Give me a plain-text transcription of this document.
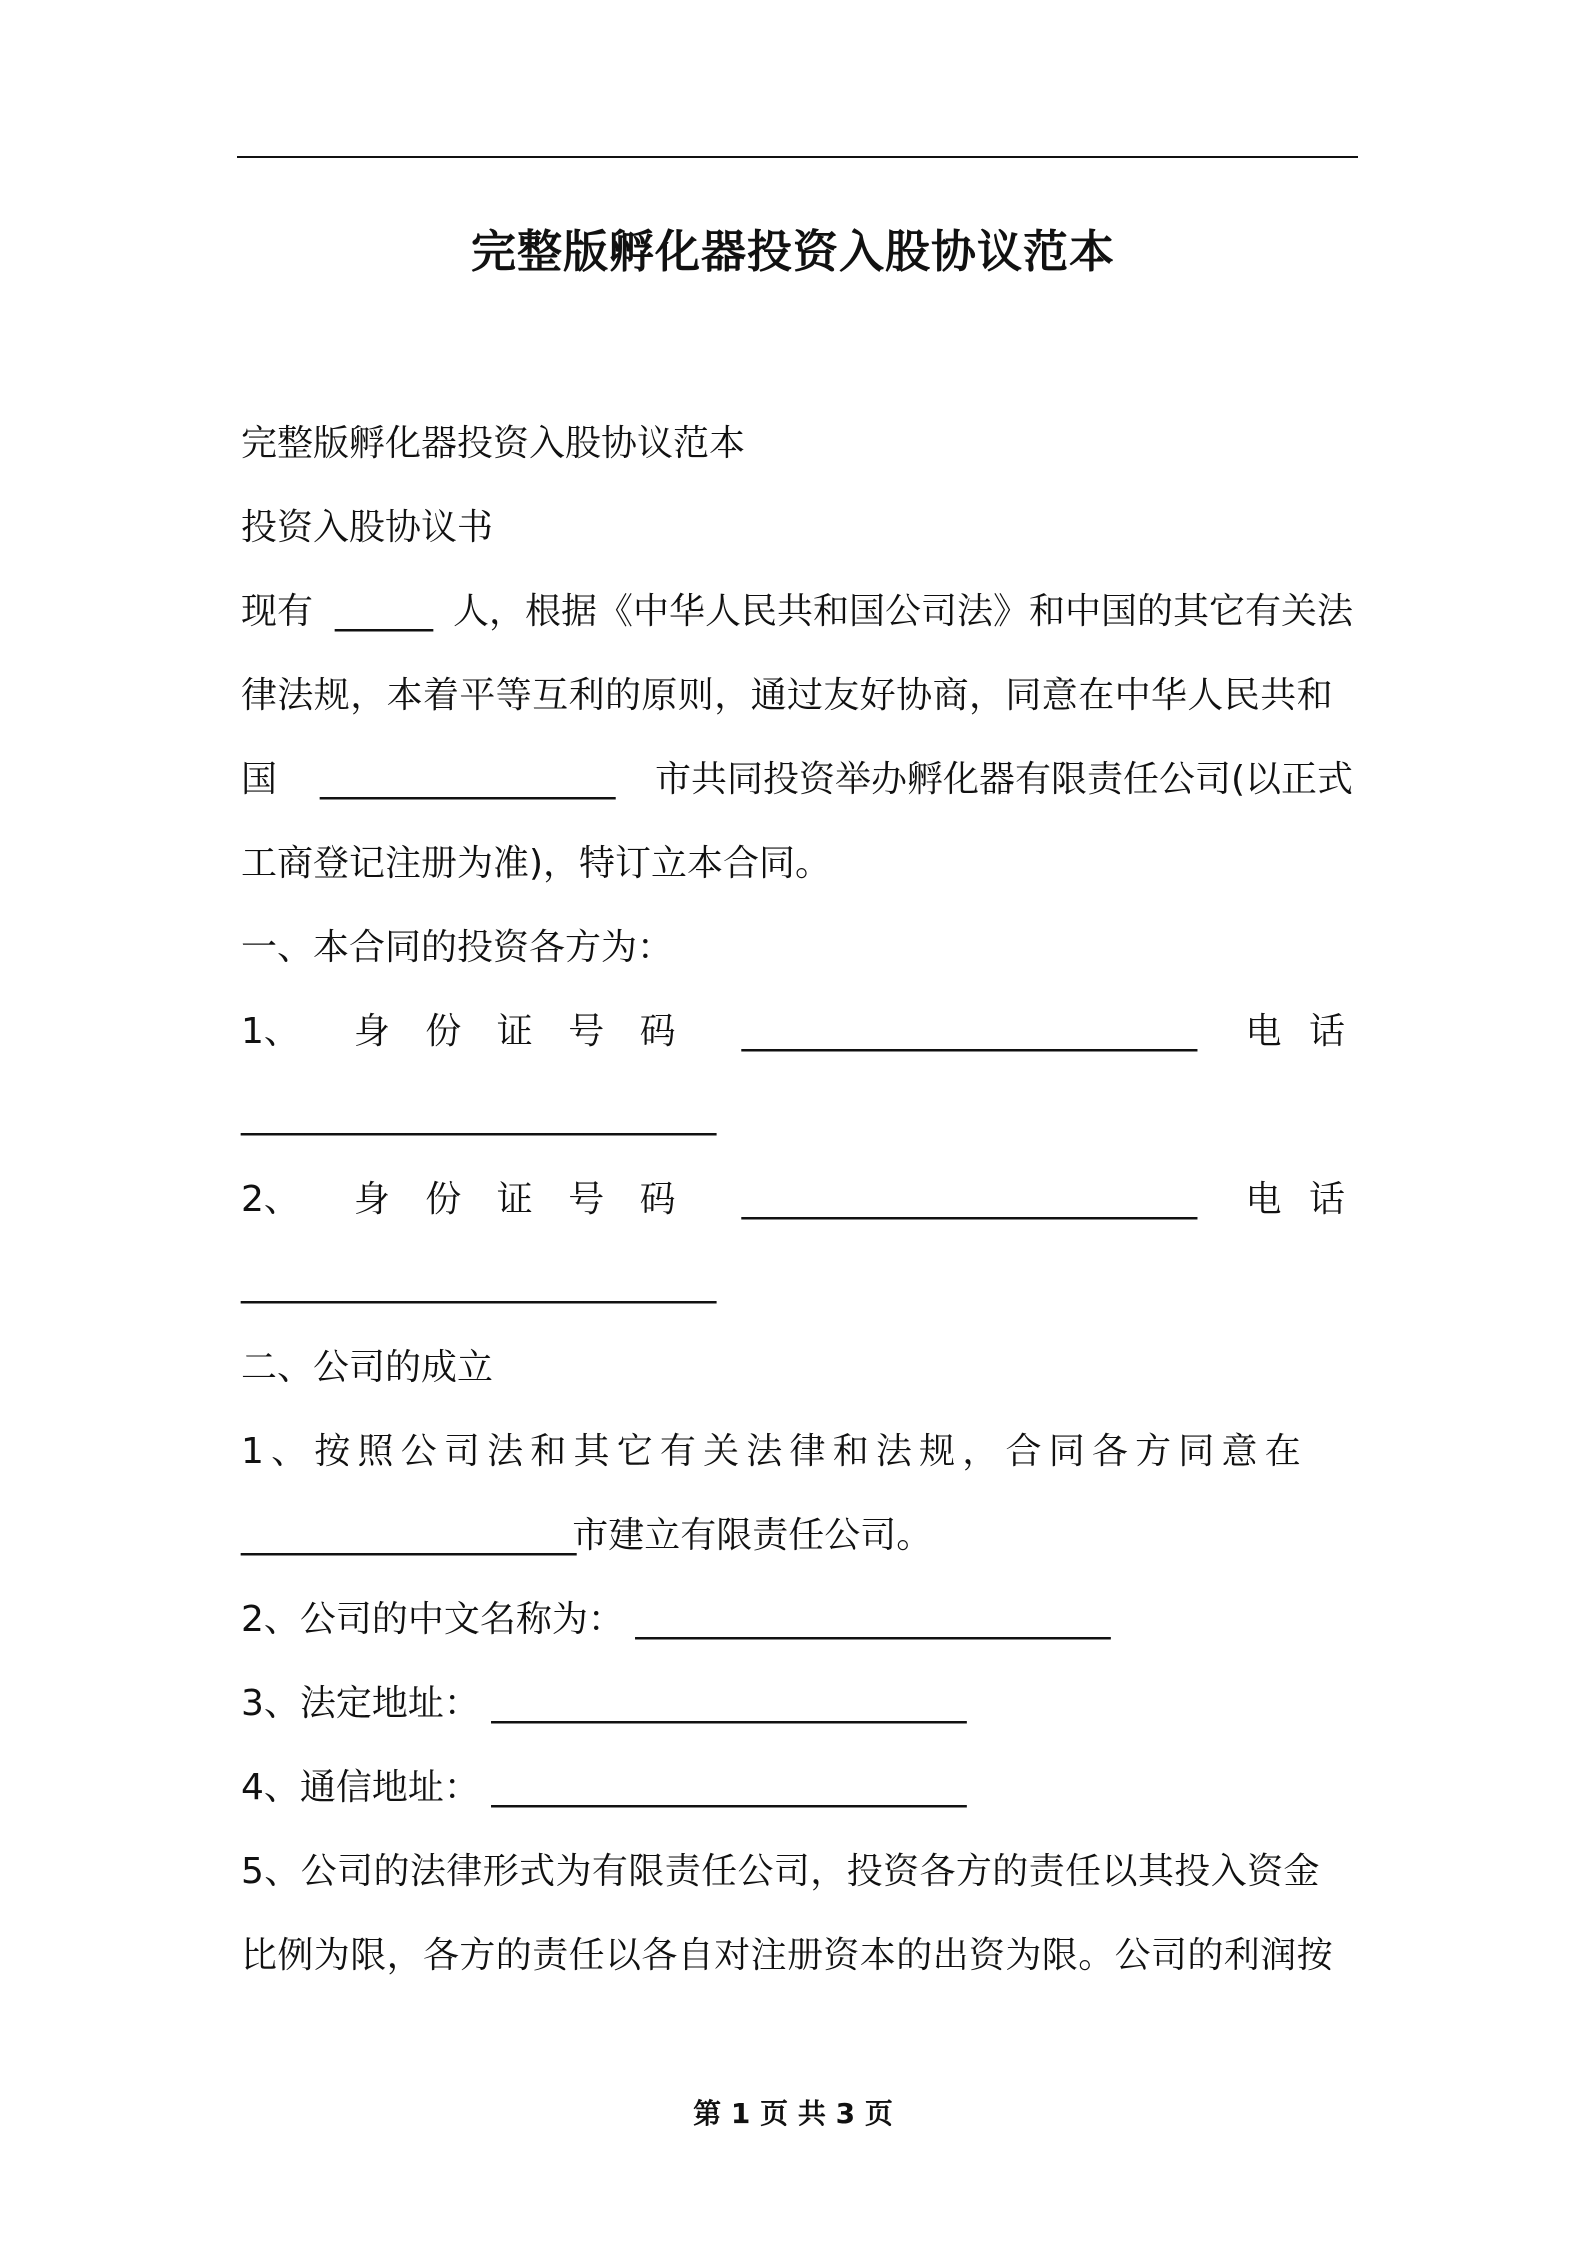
完整版孵化器投资入股协议范本
完整版孵化器投资入股协议范本
投资入股协议书
现有 ______ 人，根据《中华人民共和国公司法》和中国的其它有关法
律法规，本着平等互利的原则，通过友好协商，同意在中华人民共和
国 ____________________ 市共同投资举办孵化器有限责任公司(以正式
工商登记注册为准)，特订立本合同。
一、本合同的投资各方为：
1、 身 份 证 号 码 ____________________________________ 电 话
_____________________________________
2、 身 份 证 号 码 ____________________________________ 电 话
_____________________________________
二、公司的成立
1、按照公司法和其它有关法律和法规，合同各方同意在
________________________市建立有限责任公司。
2、公司的中文名称为： _____________________________________
3、法定地址： _____________________________________
4、通信地址： _____________________________________
5、公司的法律形式为有限责任公司，投资各方的责任以其投入资金
比例为限，各方的责任以各自对注册资本的出资为限。公司的利润按
第 1 页 共 3 页
